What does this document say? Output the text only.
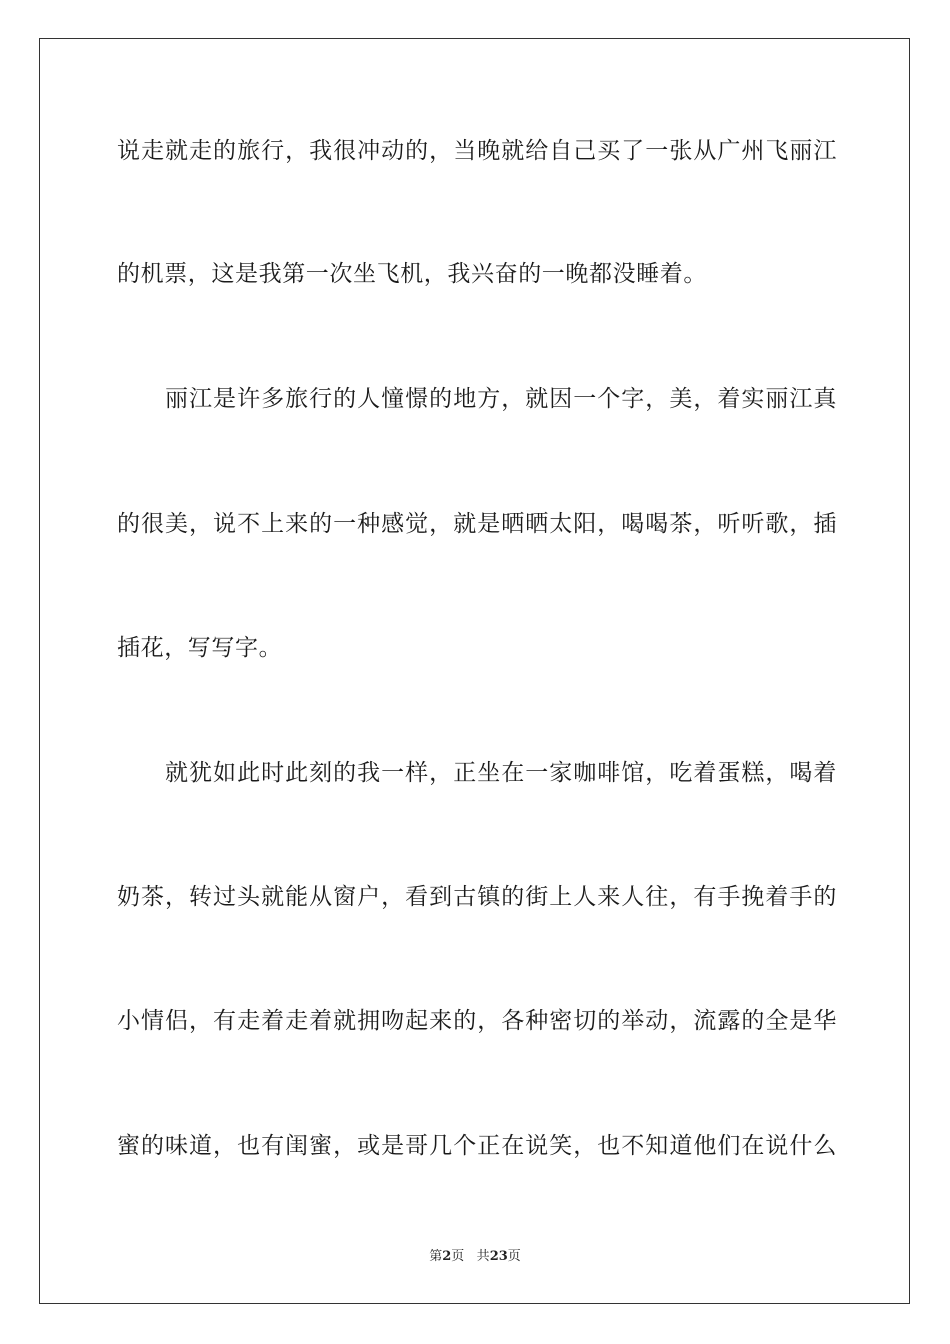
说走就走的旅行，我很冲动的，当晚就给自己买了一张从广州飞丽江
的机票，这是我第一次坐飞机，我兴奋的一晚都没睡着。
　　丽江是许多旅行的人憧憬的地方，就因一个字，美，着实丽江真
的很美，说不上来的一种感觉，就是晒晒太阳，喝喝茶，听听歌，插
插花，写写字。
　　就犹如此时此刻的我一样，正坐在一家咖啡馆，吃着蛋糕，喝着
奶茶，转过头就能从窗户，看到古镇的街上人来人往，有手挽着手的
小情侣，有走着走着就拥吻起来的，各种密切的举动，流露的全是华
蜜的味道，也有闺蜜，或是哥几个正在说笑，也不知道他们在说什么
第2页 共23页
